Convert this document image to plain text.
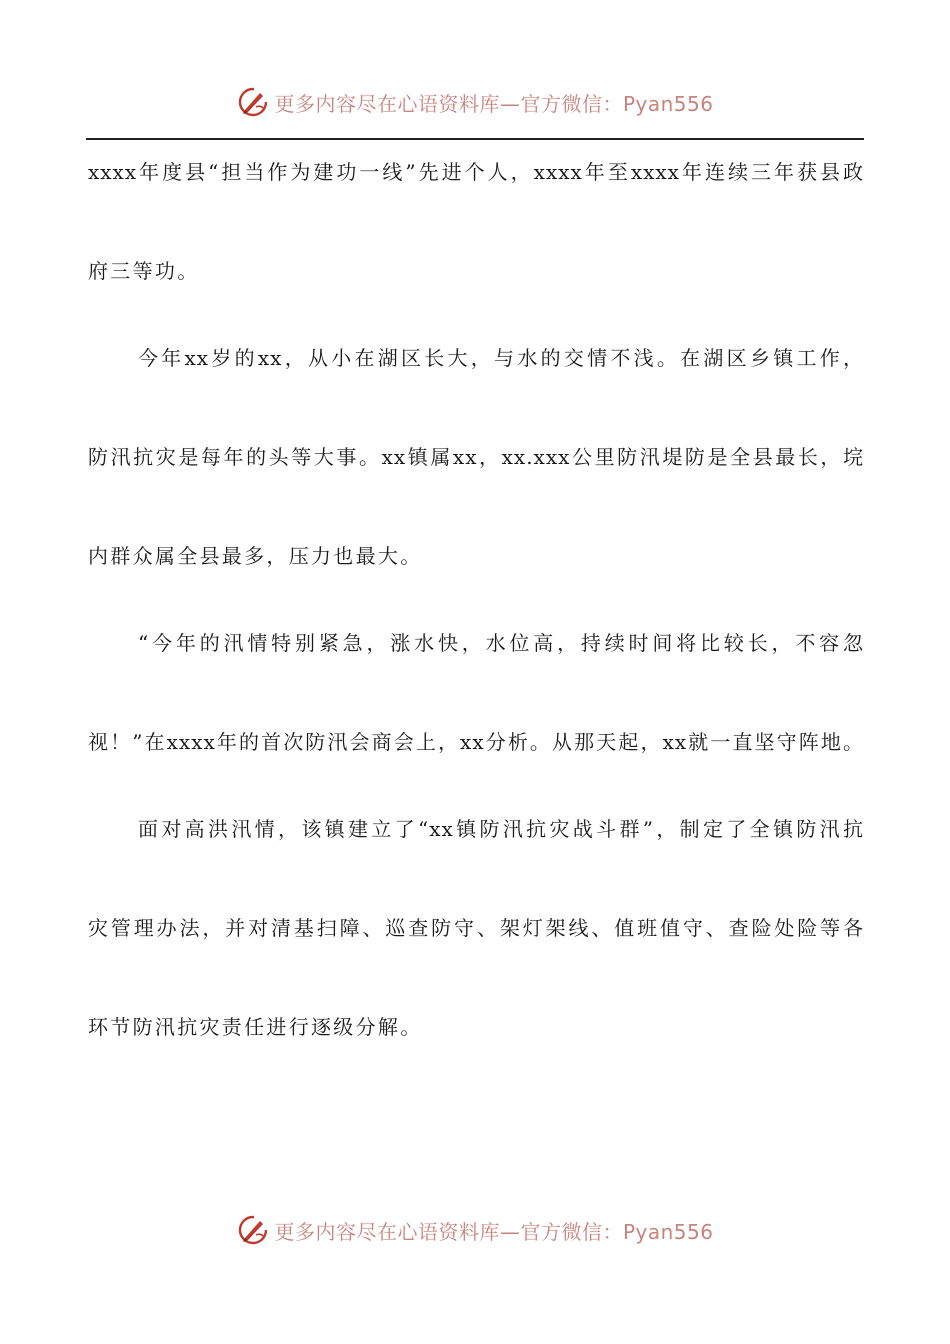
更多内容尽在心语资料库—官方微信：Pyan556
xxxx年度县“担当作为建功一线”先进个人，xxxx年至xxxx年连续三年获县政
府三等功。
今年xx岁的xx，从小在湖区长大，与水的交情不浅。在湖区乡镇工作，
防汛抗灾是每年的头等大事。xx镇属xx，xx.xxx公里防汛堤防是全县最长，垸
内群众属全县最多，压力也最大。
“今年的汛情特别紧急，涨水快，水位高，持续时间将比较长，不容忽
视！”在xxxx年的首次防汛会商会上，xx分析。从那天起，xx就一直坚守阵地。
面对高洪汛情，该镇建立了“xx镇防汛抗灾战斗群”，制定了全镇防汛抗
灾管理办法，并对清基扫障、巡查防守、架灯架线、值班值守、查险处险等各
环节防汛抗灾责任进行逐级分解。
更多内容尽在心语资料库—官方微信：Pyan556
